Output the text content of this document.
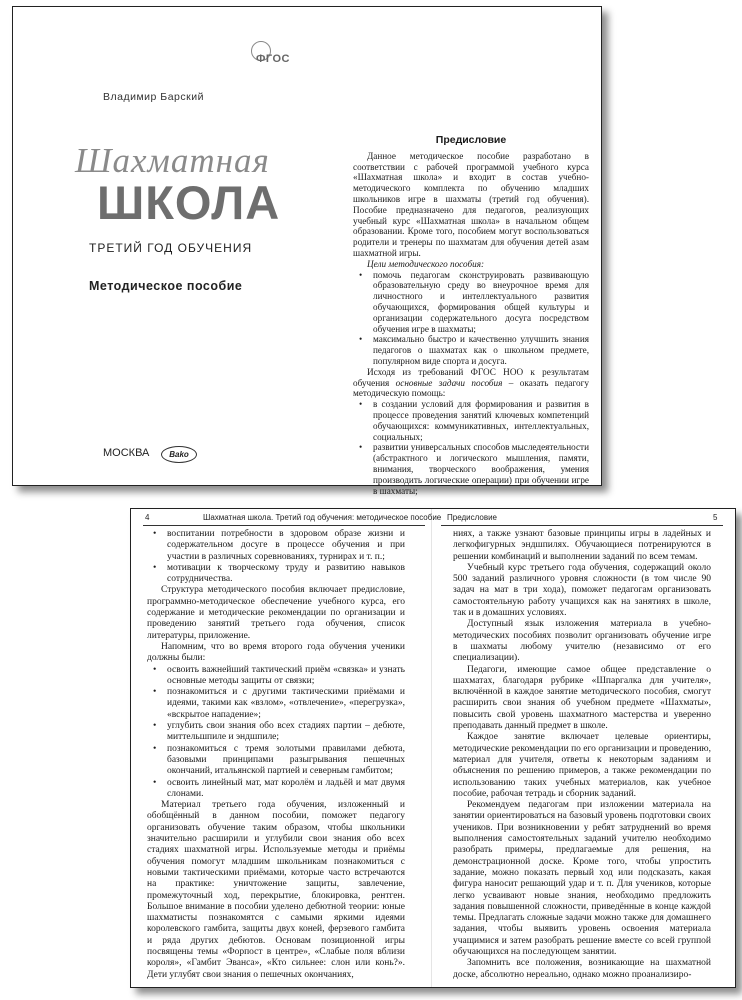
ФГОС
Владимир Барский
Шахматная
ШКОЛА
ТРЕТИЙ ГОД ОБУЧЕНИЯ
Методическое пособие
МОСКВА	Bako
Предисловие

Данное методическое пособие разработано в соответствии с рабочей программой учебного курса «Шахматная школа» и входит в состав учебно-методического комплекта по обучению младших школьников игре в шахматы (третий год обучения). Пособие предназначено для педагогов, реализующих учебный курс «Шахматная школа» в начальном общем образовании. Кроме того, пособием могут воспользоваться родители и тренеры по шахматам для обучения детей азам шахматной игры.

Цели методического пособия:

• помочь педагогам сконструировать развивающую образовательную среду во внеурочное время для личностного и интеллектуального развития обучающихся, формирования общей культуры и организации содержательного досуга посредством обучения игре в шахматы;
• максимально быстро и качественно улучшить знания педагогов о шахматах как о школьном предмете, популярном виде спорта и досуга.

Исходя из требований ФГОС НОО к результатам обучения основные задачи пособия – оказать педагогу методическую помощь:

• в создании условий для формирования и развития в процессе проведения занятий ключевых компетенций обучающихся: коммуникативных, интеллектуальных, социальных;
• развитии универсальных способов мыследеятельности (абстрактного и логического мышления, памяти, внимания, творческого воображения, умения производить логические операции) при обучении игре в шахматы;
4	Шахматная школа. Третий год обучения: методическое пособие
• воспитании потребности в здоровом образе жизни и содержательном досуге в процессе обучения и при участии в различных соревнованиях, турнирах и т. п.;
• мотивации к творческому труду и развитию навыков сотрудничества.

Структура методического пособия включает предисловие, программно-методическое обеспечение учебного курса, его содержание и методические рекомендации по организации и проведению занятий третьего года обучения, список литературы, приложение.

Напомним, что во время второго года обучения ученики должны были:

• освоить важнейший тактический приём «связка» и узнать основные методы защиты от связки;
• познакомиться и с другими тактическими приёмами и идеями, такими как «взлом», «отвлечение», «перегрузка», «вскрытое нападение»;
• углубить свои знания обо всех стадиях партии – дебюте, миттельшпиле и эндшпиле;
• познакомиться с тремя золотыми правилами дебюта, базовыми принципами разыгрывания пешечных окончаний, итальянской партией и северным гамбитом;
• освоить линейный мат, мат королём и ладьёй и мат двумя слонами.

Материал третьего года обучения, изложенный и обобщённый в данном пособии, поможет педагогу организовать обучение таким образом, чтобы школьники значительно расширили и углубили свои знания обо всех стадиях шахматной игры. Используемые методы и приёмы обучения помогут младшим школьникам познакомиться с новыми тактическими приёмами, которые часто встречаются на практике: уничтожение защиты, завлечение, промежуточный ход, перекрытие, блокировка, рентген. Большое внимание в пособии уделено дебютной теории: юные шахматисты познакомятся с самыми яркими идеями королевского гамбита, защиты двух коней, ферзевого гамбита и ряда других дебютов. Основам позиционной игры посвящены темы «Форпост в центре», «Слабые поля вблизи короля», «Гамбит Эванса», «Кто сильнее: слон или конь?». Дети углубят свои знания о пешечных окончаниях,

Предисловие	5

ниях, а также узнают базовые принципы игры в ладейных и легкофигурных эндшпилях. Обучающиеся потренируются в решении комбинаций и выполнении заданий по всем темам.

Учебный курс третьего года обучения, содержащий около 500 заданий различного уровня сложности (в том числе 90 задач на мат в три хода), поможет педагогам организовать самостоятельную работу учащихся как на занятиях в школе, так и в домашних условиях.

Доступный язык изложения материала в учебно-методических пособиях позволит организовать обучение игре в шахматы любому учителю (независимо от его специализации).

Педагоги, имеющие самое общее представление о шахматах, благодаря рубрике «Шпаргалка для учителя», включённой в каждое занятие методического пособия, смогут расширить свои знания об учебном предмете «Шахматы», повысить свой уровень шахматного мастерства и уверенно преподавать данный предмет в школе.

Каждое занятие включает целевые ориентиры, методические рекомендации по его организации и проведению, материал для учителя, ответы к некоторым заданиям и объяснения по решению примеров, а также рекомендации по использованию таких учебных материалов, как учебное пособие, рабочая тетрадь и сборник заданий.

Рекомендуем педагогам при изложении материала на занятии ориентироваться на базовый уровень подготовки своих учеников. При возникновении у ребят затруднений во время выполнения самостоятельных заданий учителю необходимо разобрать примеры, предлагаемые для решения, на демонстрационной доске. Кроме того, чтобы упростить задание, можно показать первый ход или подсказать, какая фигура наносит решающий удар и т. п. Для учеников, которые легко усваивают новые знания, необходимо предложить задания повышенной сложности, приведённые в конце каждой темы. Предлагать сложные задачи можно также для домашнего задания, чтобы выявить уровень освоения материала учащимися и затем разобрать решение вместе со всей группой обучающихся на последующем занятии.

Запомнить все положения, возникающие на шахматной доске, абсолютно нереально, однако можно проанализиро-
